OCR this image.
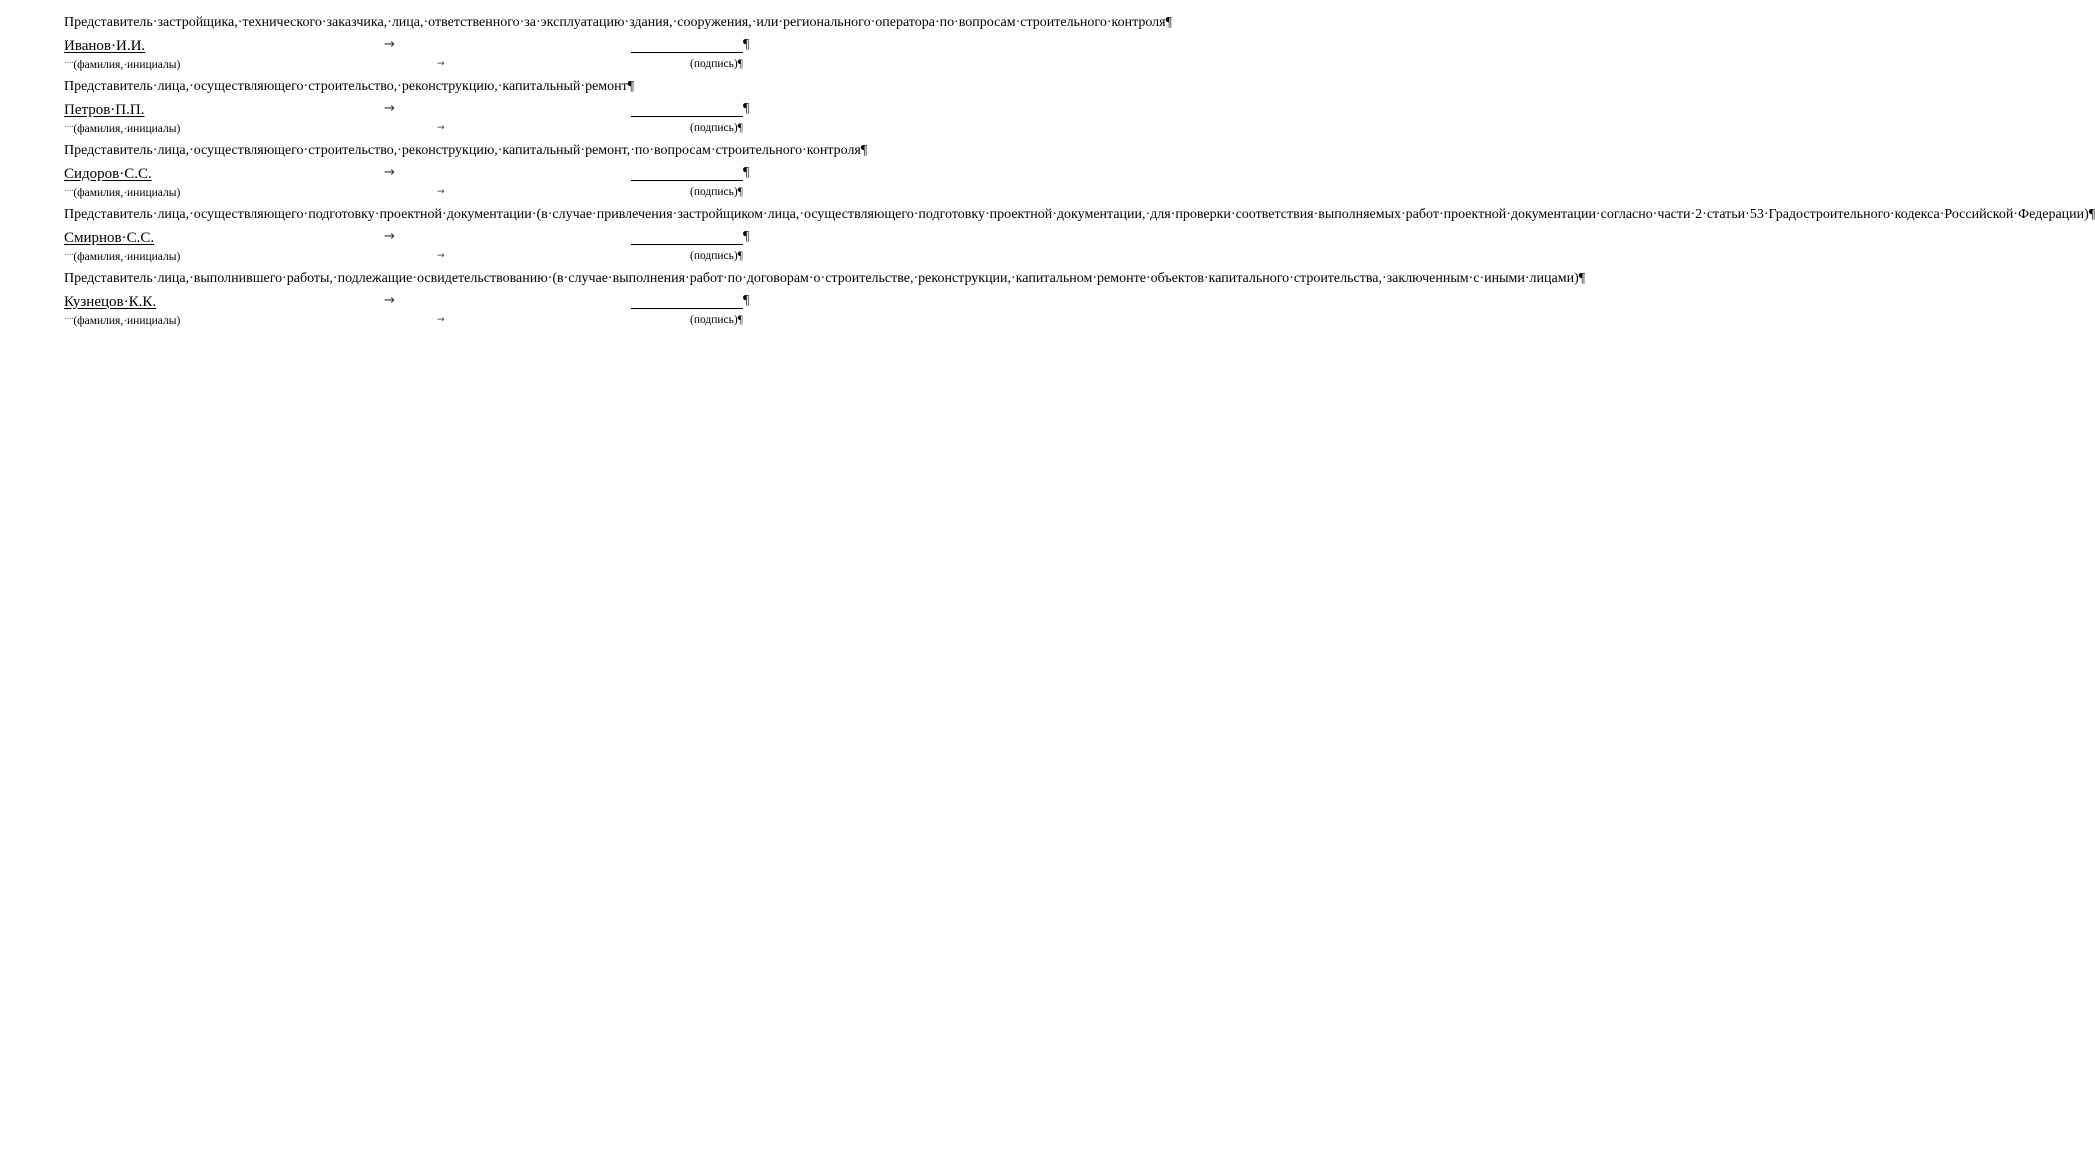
Представитель·застройщика,·технического·заказчика,·лица,·ответственного·за·эксплуатацию·здания,·сооружения,·или·регионального·оператора·по·вопросам·строительного·контроля¶

Иванов·И.И.	→	¶
····(фамилия,·инициалы)	→	(подпись)¶

Представитель·лица,·осуществляющего·строительство,·реконструкцию,·капитальный·ремонт¶

Петров·П.П.	→	¶
····(фамилия,·инициалы)	→	(подпись)¶

Представитель·лица,·осуществляющего·строительство,·реконструкцию,·капитальный·ремонт,·по·вопросам·строительного·контроля¶

Сидоров·С.С.	→	¶
····(фамилия,·инициалы)	→	(подпись)¶

Представитель·лица,·осуществляющего·подготовку·проектной·документации·(в·случае·привлечения·застройщиком·лица,·осуществляющего·подготовку·проектной·документации,·для·проверки·соответствия·выполняемых·работ·проектной·документации·согласно·части·2·статьи·53·Градостроительного·кодекса·Российской·Федерации)¶

Смирнов·С.С.	→	¶
····(фамилия,·инициалы)	→	(подпись)¶

Представитель·лица,·выполнившего·работы,·подлежащие·освидетельствованию·(в·случае·выполнения·работ·по·договорам·о·строительстве,·реконструкции,·капитальном·ремонте·объектов·капитального·строительства,·заключенным·с·иными·лицами)¶

Кузнецов·К.К.	→	¶
····(фамилия,·инициалы)	→	(подпись)¶
